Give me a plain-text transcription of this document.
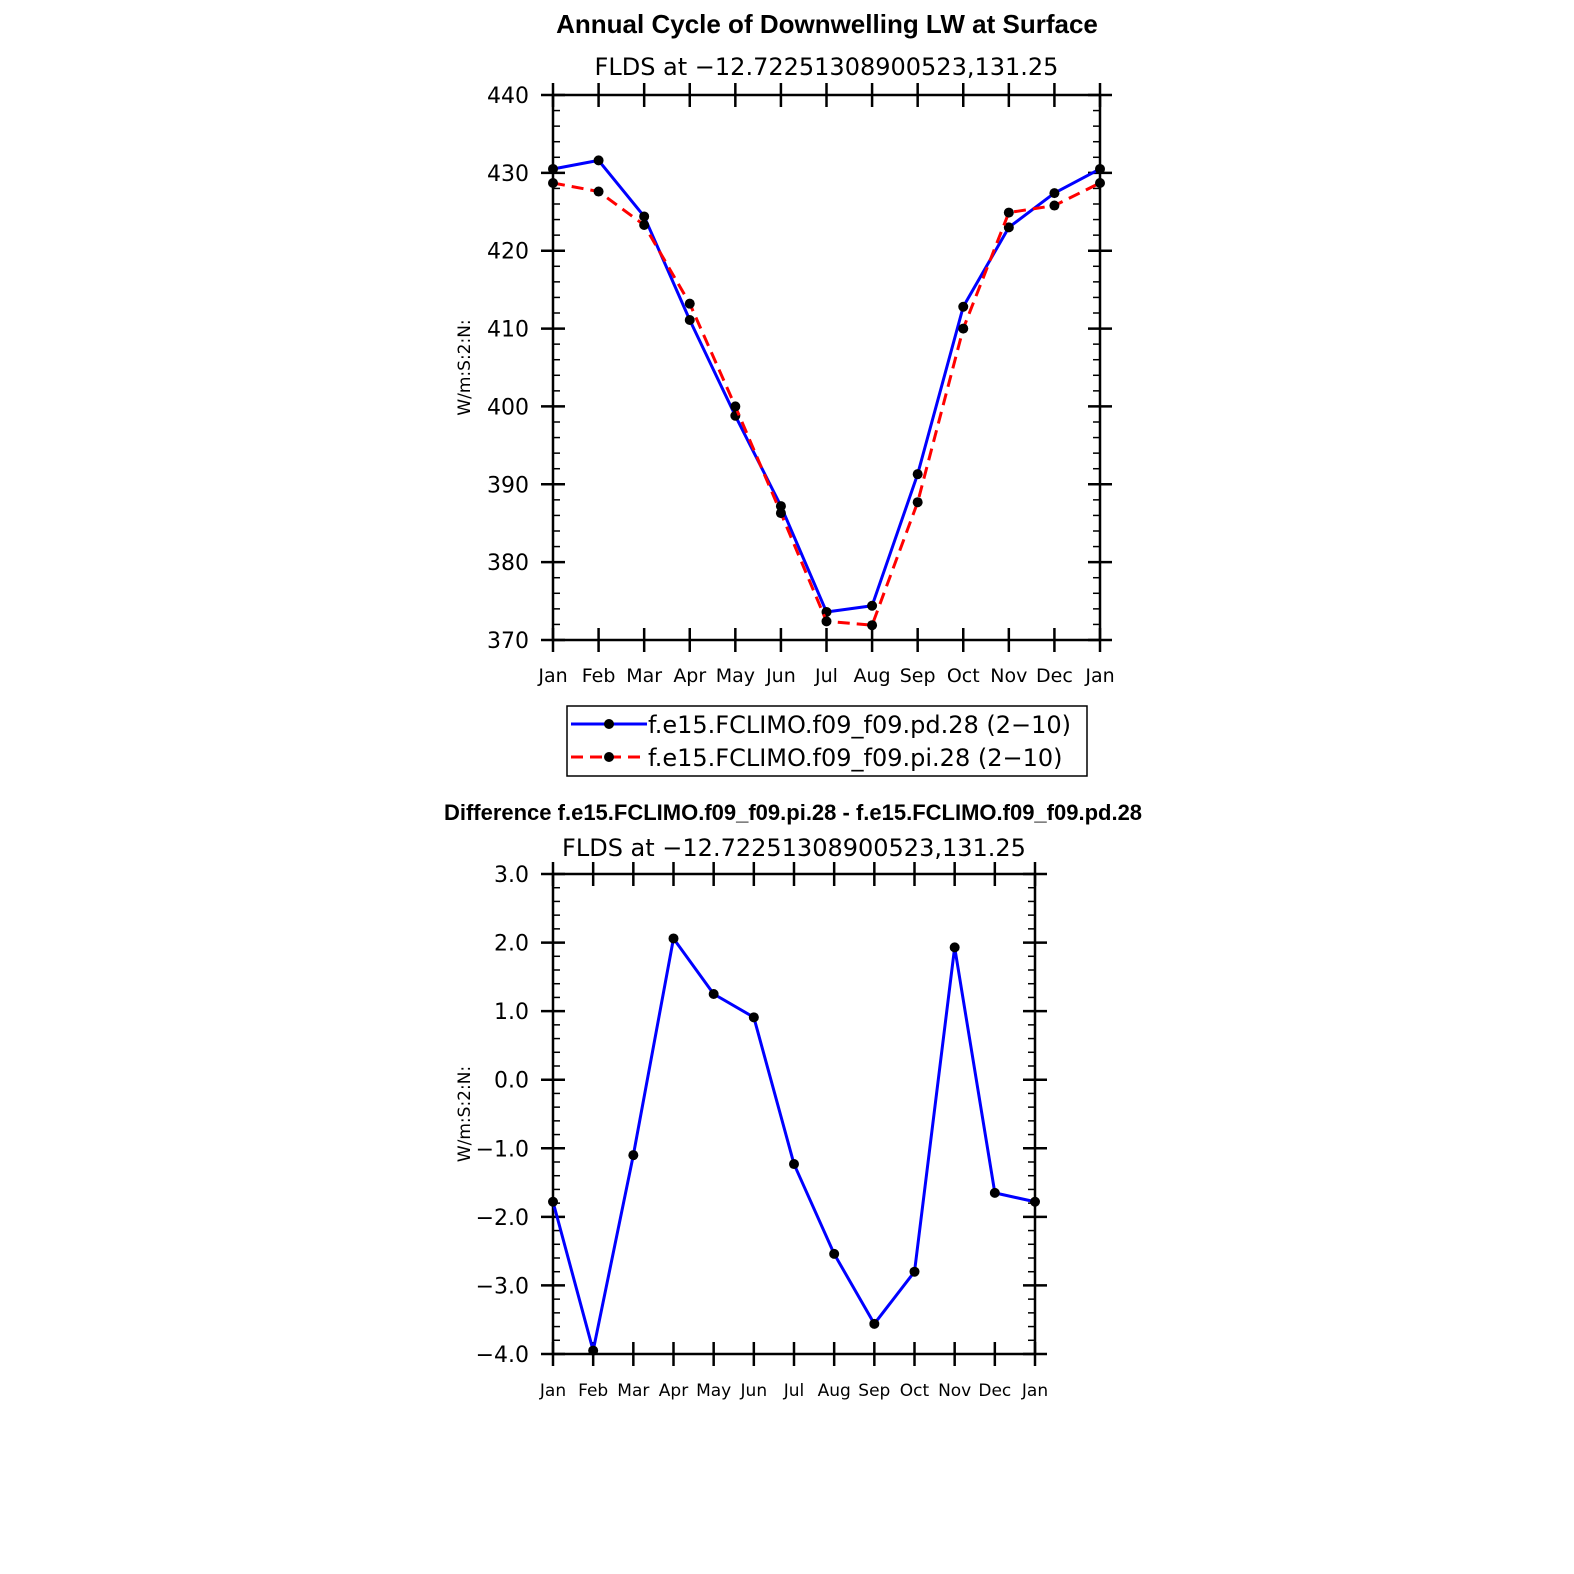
Annual Cycle of Downwelling LW at Surface
FLDS at −12.72251308900523,131.25
W/m:S:2:N:
370
380
390
400
410
420
430
440
Jan Feb Mar Apr May Jun Jul Aug Sep Oct Nov Dec Jan
f.e15.FCLIMO.f09_f09.pd.28 (2−10)
f.e15.FCLIMO.f09_f09.pi.28 (2−10)
Difference f.e15.FCLIMO.f09_f09.pi.28 - f.e15.FCLIMO.f09_f09.pd.28
FLDS at −12.72251308900523,131.25
W/m:S:2:N:
−4.0
−3.0
−2.0
−1.0
0.0
1.0
2.0
3.0
Jan Feb Mar Apr May Jun Jul Aug Sep Oct Nov Dec Jan
